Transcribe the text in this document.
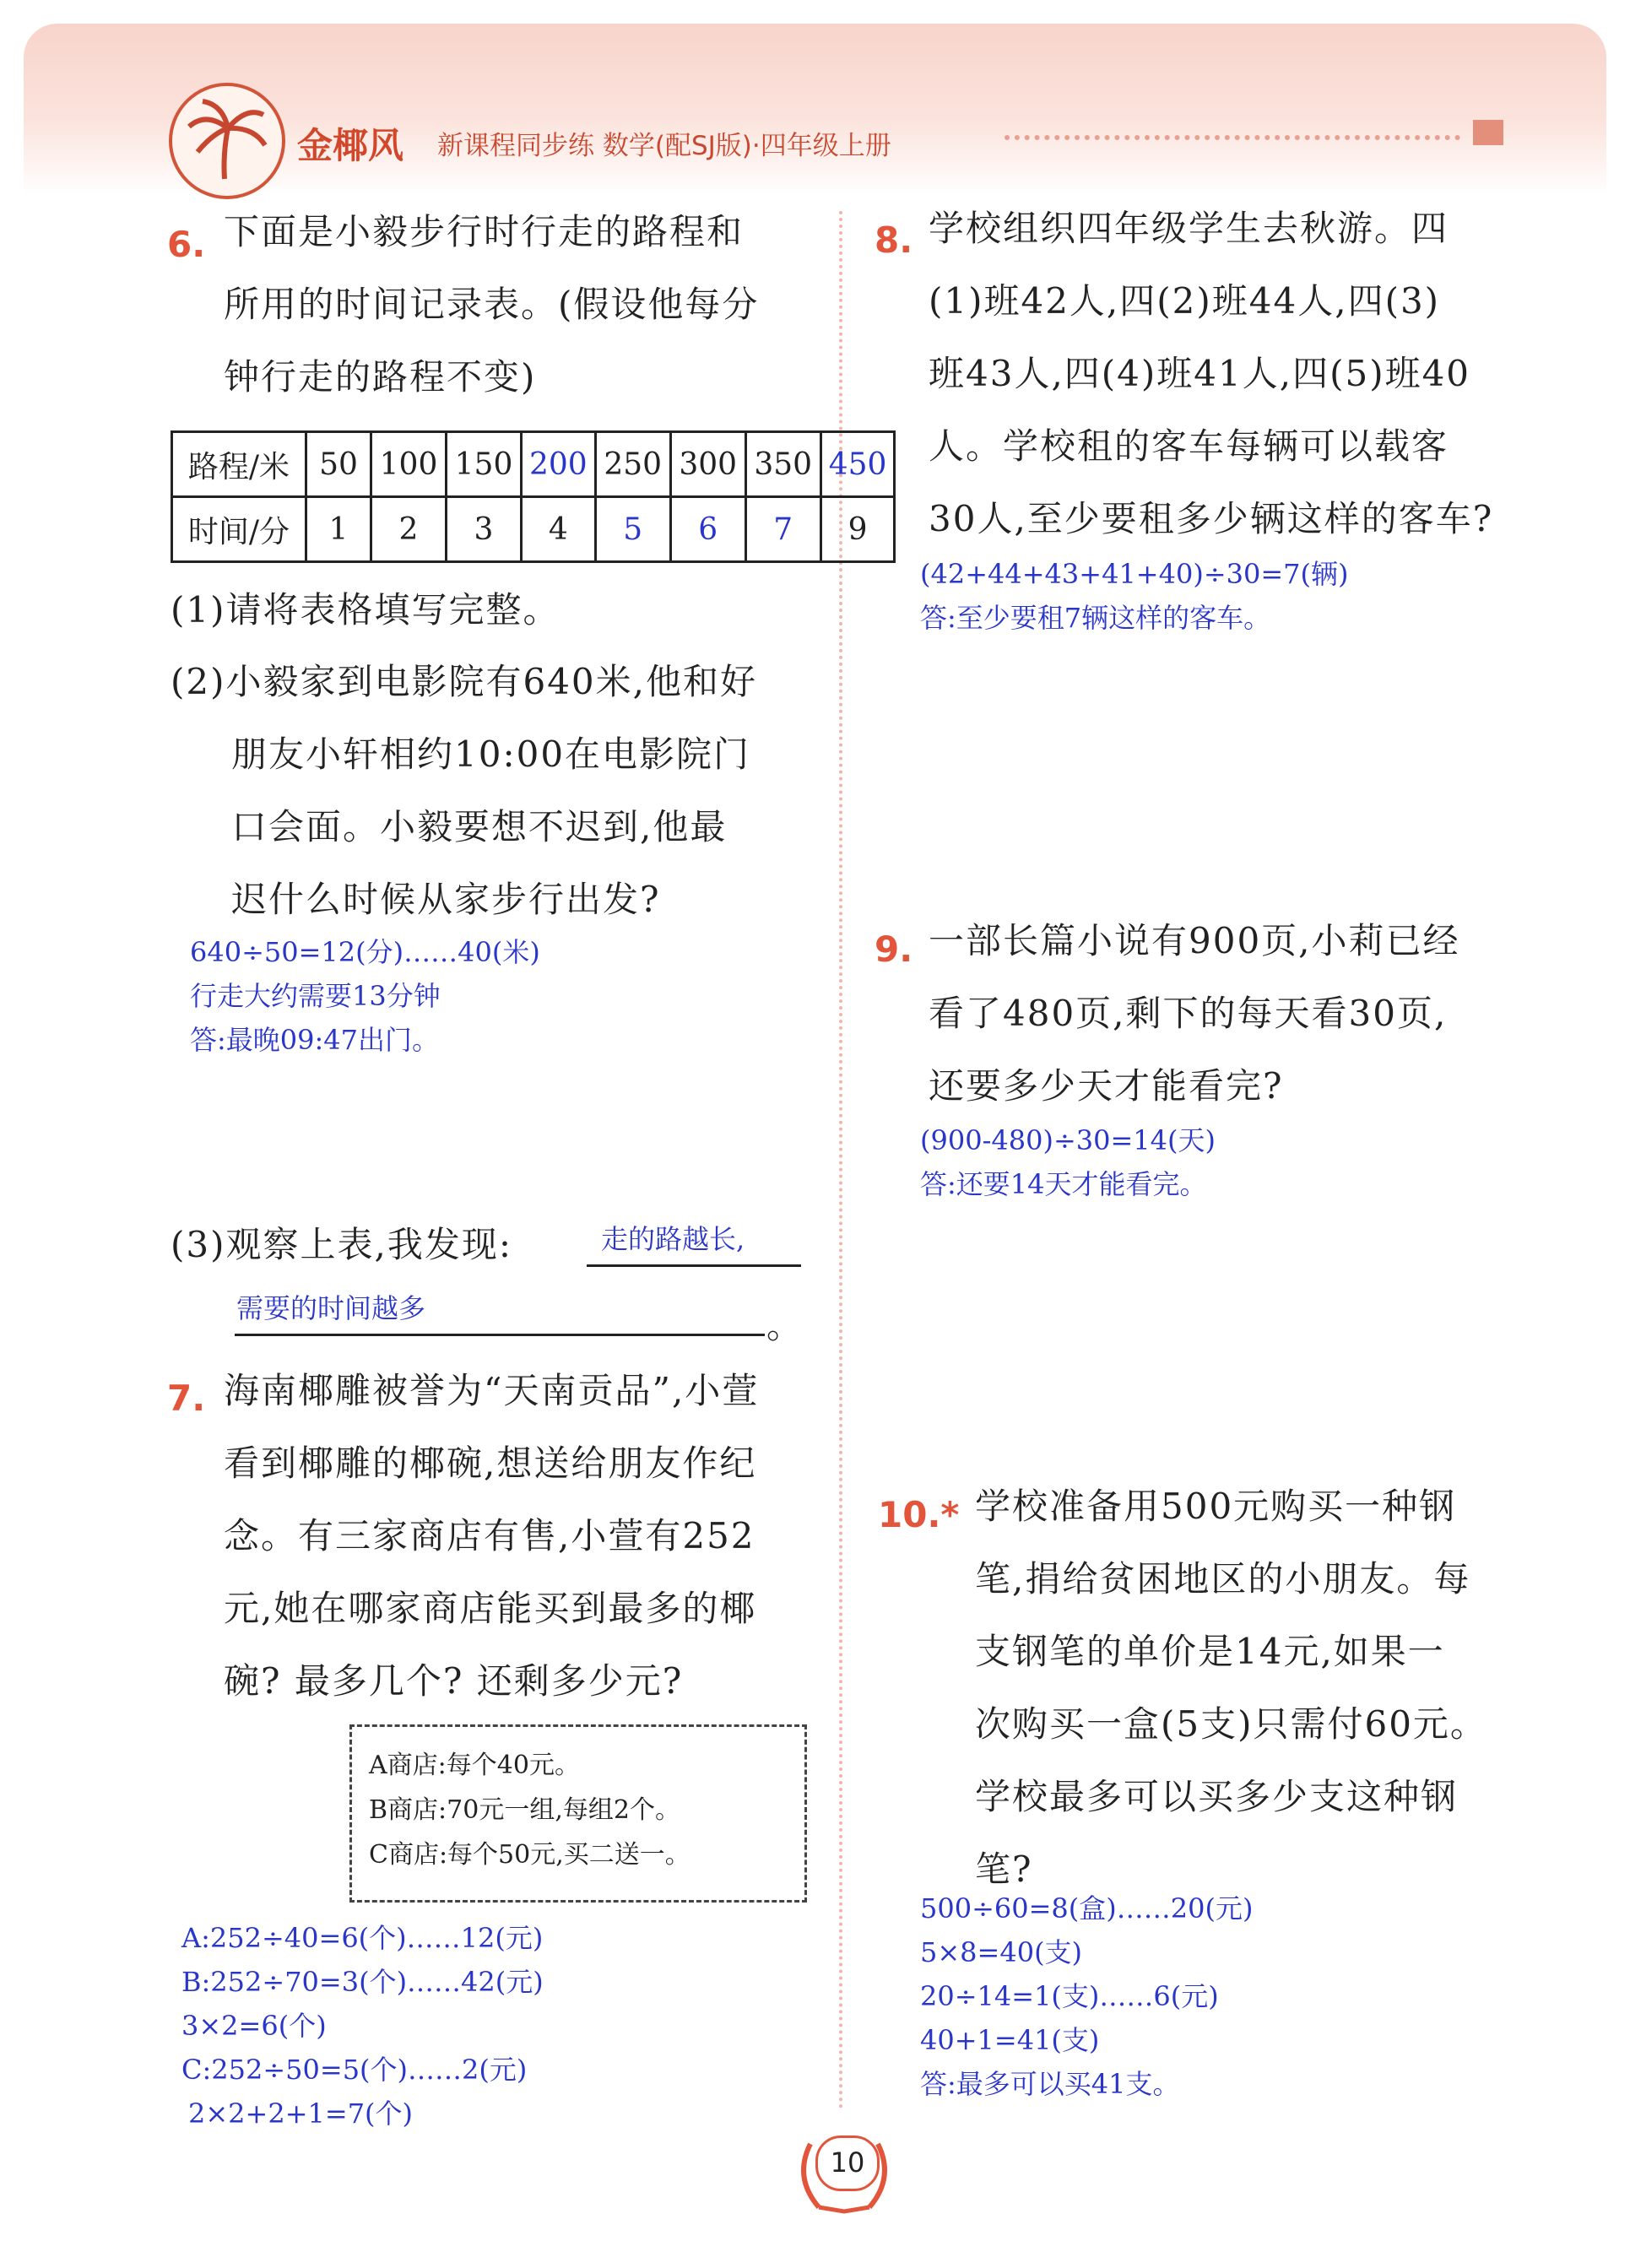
金椰风 新课程同步练 数学(配SJ版)·四年级上册
6. 下面是小毅步行时行走的路程和
所用的时间记录表。(假设他每分
钟行走的路程不变)
路程/米	50	100	150	200	250	300	350	450
时间/分	1	2	3	4	5	6	7	9
(1)请将表格填写完整。
(2)小毅家到电影院有640米,他和好
朋友小轩相约10:00在电影院门
口会面。小毅要想不迟到,他最
迟什么时候从家步行出发?
640÷50=12(分)……40(米)
行走大约需要13分钟
答:最晚09:47出门。
(3)观察上表,我发现:	走的路越长,
需要的时间越多	。
7. 海南椰雕被誉为“天南贡品”,小萱
看到椰雕的椰碗,想送给朋友作纪
念。有三家商店有售,小萱有252
元,她在哪家商店能买到最多的椰
碗? 最多几个? 还剩多少元?
A商店:每个40元。
B商店:70元一组,每组2个。
C商店:每个50元,买二送一。
A:252÷40=6(个)……12(元)
B:252÷70=3(个)……42(元)
3×2=6(个)
C:252÷50=5(个)……2(元)
2×2+2+1=7(个)
8. 学校组织四年级学生去秋游。四
(1)班42人,四(2)班44人,四(3)
班43人,四(4)班41人,四(5)班40
人。学校租的客车每辆可以载客
30人,至少要租多少辆这样的客车?
(42+44+43+41+40)÷30=7(辆)
答:至少要租7辆这样的客车。
9. 一部长篇小说有900页,小莉已经
看了480页,剩下的每天看30页,
还要多少天才能看完?
(900-480)÷30=14(天)
答:还要14天才能看完。
10.* 学校准备用500元购买一种钢
笔,捐给贫困地区的小朋友。每
支钢笔的单价是14元,如果一
次购买一盒(5支)只需付60元。
学校最多可以买多少支这种钢
笔?
500÷60=8(盒)……20(元)
5×8=40(支)
20÷14=1(支)……6(元)
40+1=41(支)
答:最多可以买41支。
10
